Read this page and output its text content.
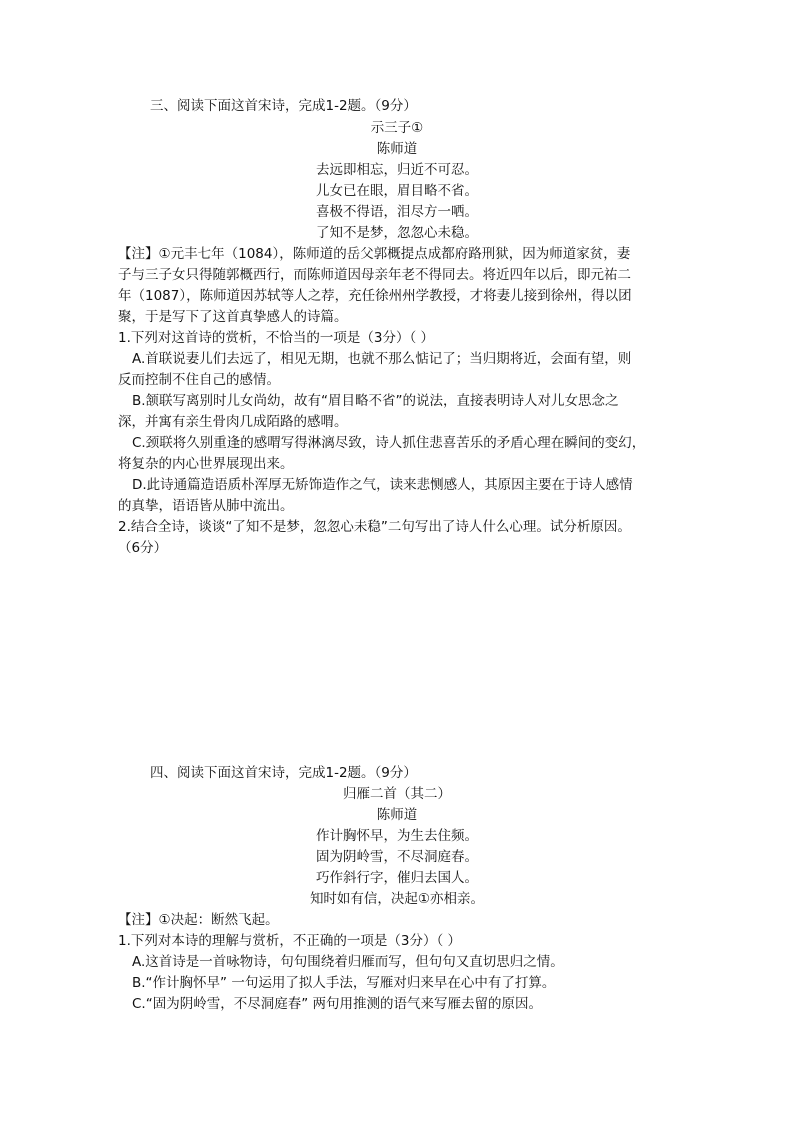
三、阅读下面这首宋诗，完成1-2题。（9分）
示三子①
陈师道
去远即相忘，归近不可忍。
儿女已在眼，眉目略不省。
喜极不得语，泪尽方一哂。
了知不是梦，忽忽心未稳。
【注】①元丰七年（1084），陈师道的岳父郭概提点成都府路刑狱，因为师道家贫，妻
子与三子女只得随郭概西行，而陈师道因母亲年老不得同去。将近四年以后，即元祐二
年（1087），陈师道因苏轼等人之荐，充任徐州州学教授，才将妻儿接到徐州，得以团
聚，于是写下了这首真挚感人的诗篇。
1.下列对这首诗的赏析，不恰当的一项是（3分）（ ）
A.首联说妻儿们去远了，相见无期，也就不那么惦记了；当归期将近，会面有望，则
反而控制不住自己的感情。
B.颔联写离别时儿女尚幼，故有“眉目略不省”的说法，直接表明诗人对儿女思念之
深，并寓有亲生骨肉几成陌路的感喟。
C.颈联将久别重逢的感喟写得淋漓尽致，诗人抓住悲喜苦乐的矛盾心理在瞬间的变幻，
将复杂的内心世界展现出来。
D.此诗通篇造语质朴浑厚无矫饰造作之气，读来悲恻感人，其原因主要在于诗人感情
的真挚，语语皆从肺中流出。
2.结合全诗，谈谈“了知不是梦，忽忽心未稳”二句写出了诗人什么心理。试分析原因。
（6分）
四、阅读下面这首宋诗，完成1-2题。（9分）
归雁二首（其二）
陈师道
作计胸怀早，为生去住频。
固为阴岭雪，不尽洞庭春。
巧作斜行字，催归去国人。
知时如有信，决起①亦相亲。
【注】①决起：断然飞起。
1.下列对本诗的理解与赏析，不正确的一项是（3分）（ ）
A.这首诗是一首咏物诗，句句围绕着归雁而写，但句句又直切思归之情。
B.“作计胸怀早” 一句运用了拟人手法，写雁对归来早在心中有了打算。
C.“固为阴岭雪，不尽洞庭春” 两句用推测的语气来写雁去留的原因。
